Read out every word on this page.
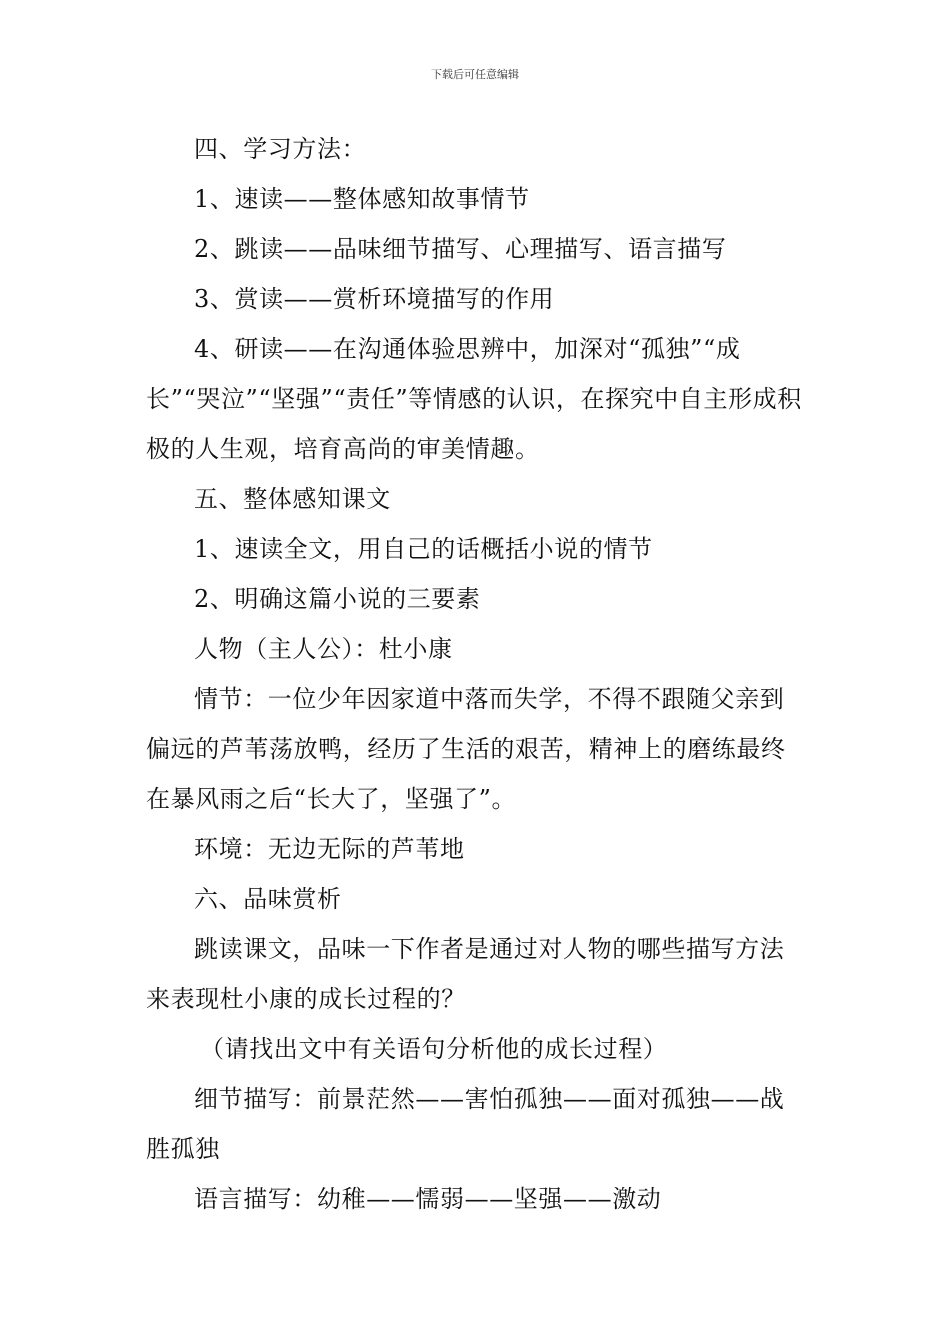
下载后可任意编辑

四、学习方法：

1、速读——整体感知故事情节

2、跳读——品味细节描写、心理描写、语言描写

3、赏读——赏析环境描写的作用

4、研读——在沟通体验思辨中，加深对“孤独”“成长”“哭泣”“坚强”“责任”等情感的认识，在探究中自主形成积极的人生观，培育高尚的审美情趣。

五、整体感知课文

1、速读全文，用自己的话概括小说的情节

2、明确这篇小说的三要素

人物（主人公）：杜小康

情节：一位少年因家道中落而失学，不得不跟随父亲到偏远的芦苇荡放鸭，经历了生活的艰苦，精神上的磨练最终在暴风雨之后“长大了，坚强了”。

环境：无边无际的芦苇地

六、品味赏析

跳读课文，品味一下作者是通过对人物的哪些描写方法来表现杜小康的成长过程的？

（请找出文中有关语句分析他的成长过程）

细节描写：前景茫然——害怕孤独——面对孤独——战胜孤独

语言描写：幼稚——懦弱——坚强——激动
